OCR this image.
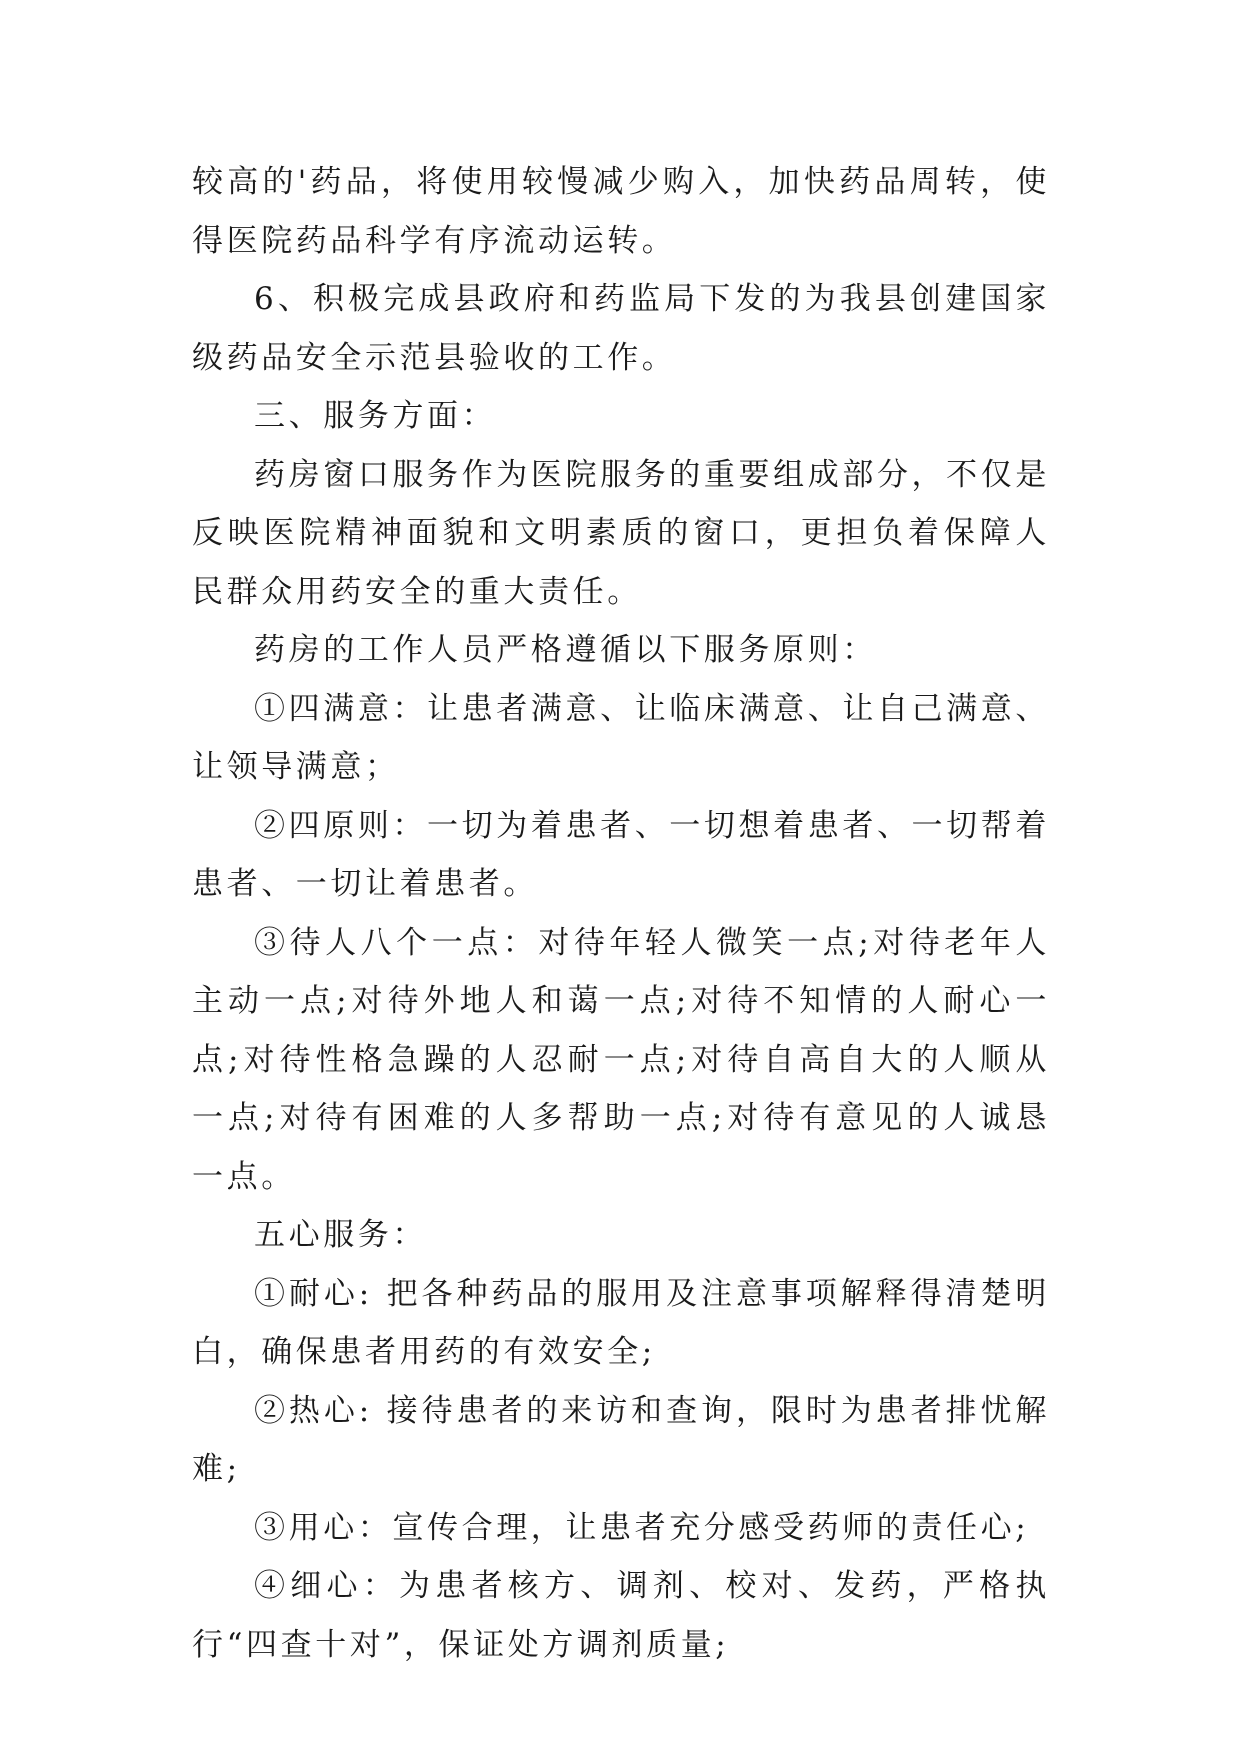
较高的'药品，将使用较慢减少购入，加快药品周转，使得医院药品科学有序流动运转。

6、积极完成县政府和药监局下发的为我县创建国家级药品安全示范县验收的工作。

三、服务方面：

药房窗口服务作为医院服务的重要组成部分，不仅是反映医院精神面貌和文明素质的窗口，更担负着保障人民群众用药安全的重大责任。

药房的工作人员严格遵循以下服务原则：

①四满意：让患者满意、让临床满意、让自己满意、让领导满意；

②四原则：一切为着患者、一切想着患者、一切帮着患者、一切让着患者。

③待人八个一点：对待年轻人微笑一点;对待老年人主动一点;对待外地人和蔼一点;对待不知情的人耐心一点;对待性格急躁的人忍耐一点;对待自高自大的人顺从一点;对待有困难的人多帮助一点;对待有意见的人诚恳一点。

五心服务：

①耐心: 把各种药品的服用及注意事项解释得清楚明白，确保患者用药的有效安全;

②热心: 接待患者的来访和查询，限时为患者排忧解难;

③用心：宣传合理，让患者充分感受药师的责任心;

④细心：为患者核方、调剂、校对、发药，严格执行“四查十对”，保证处方调剂质量;
